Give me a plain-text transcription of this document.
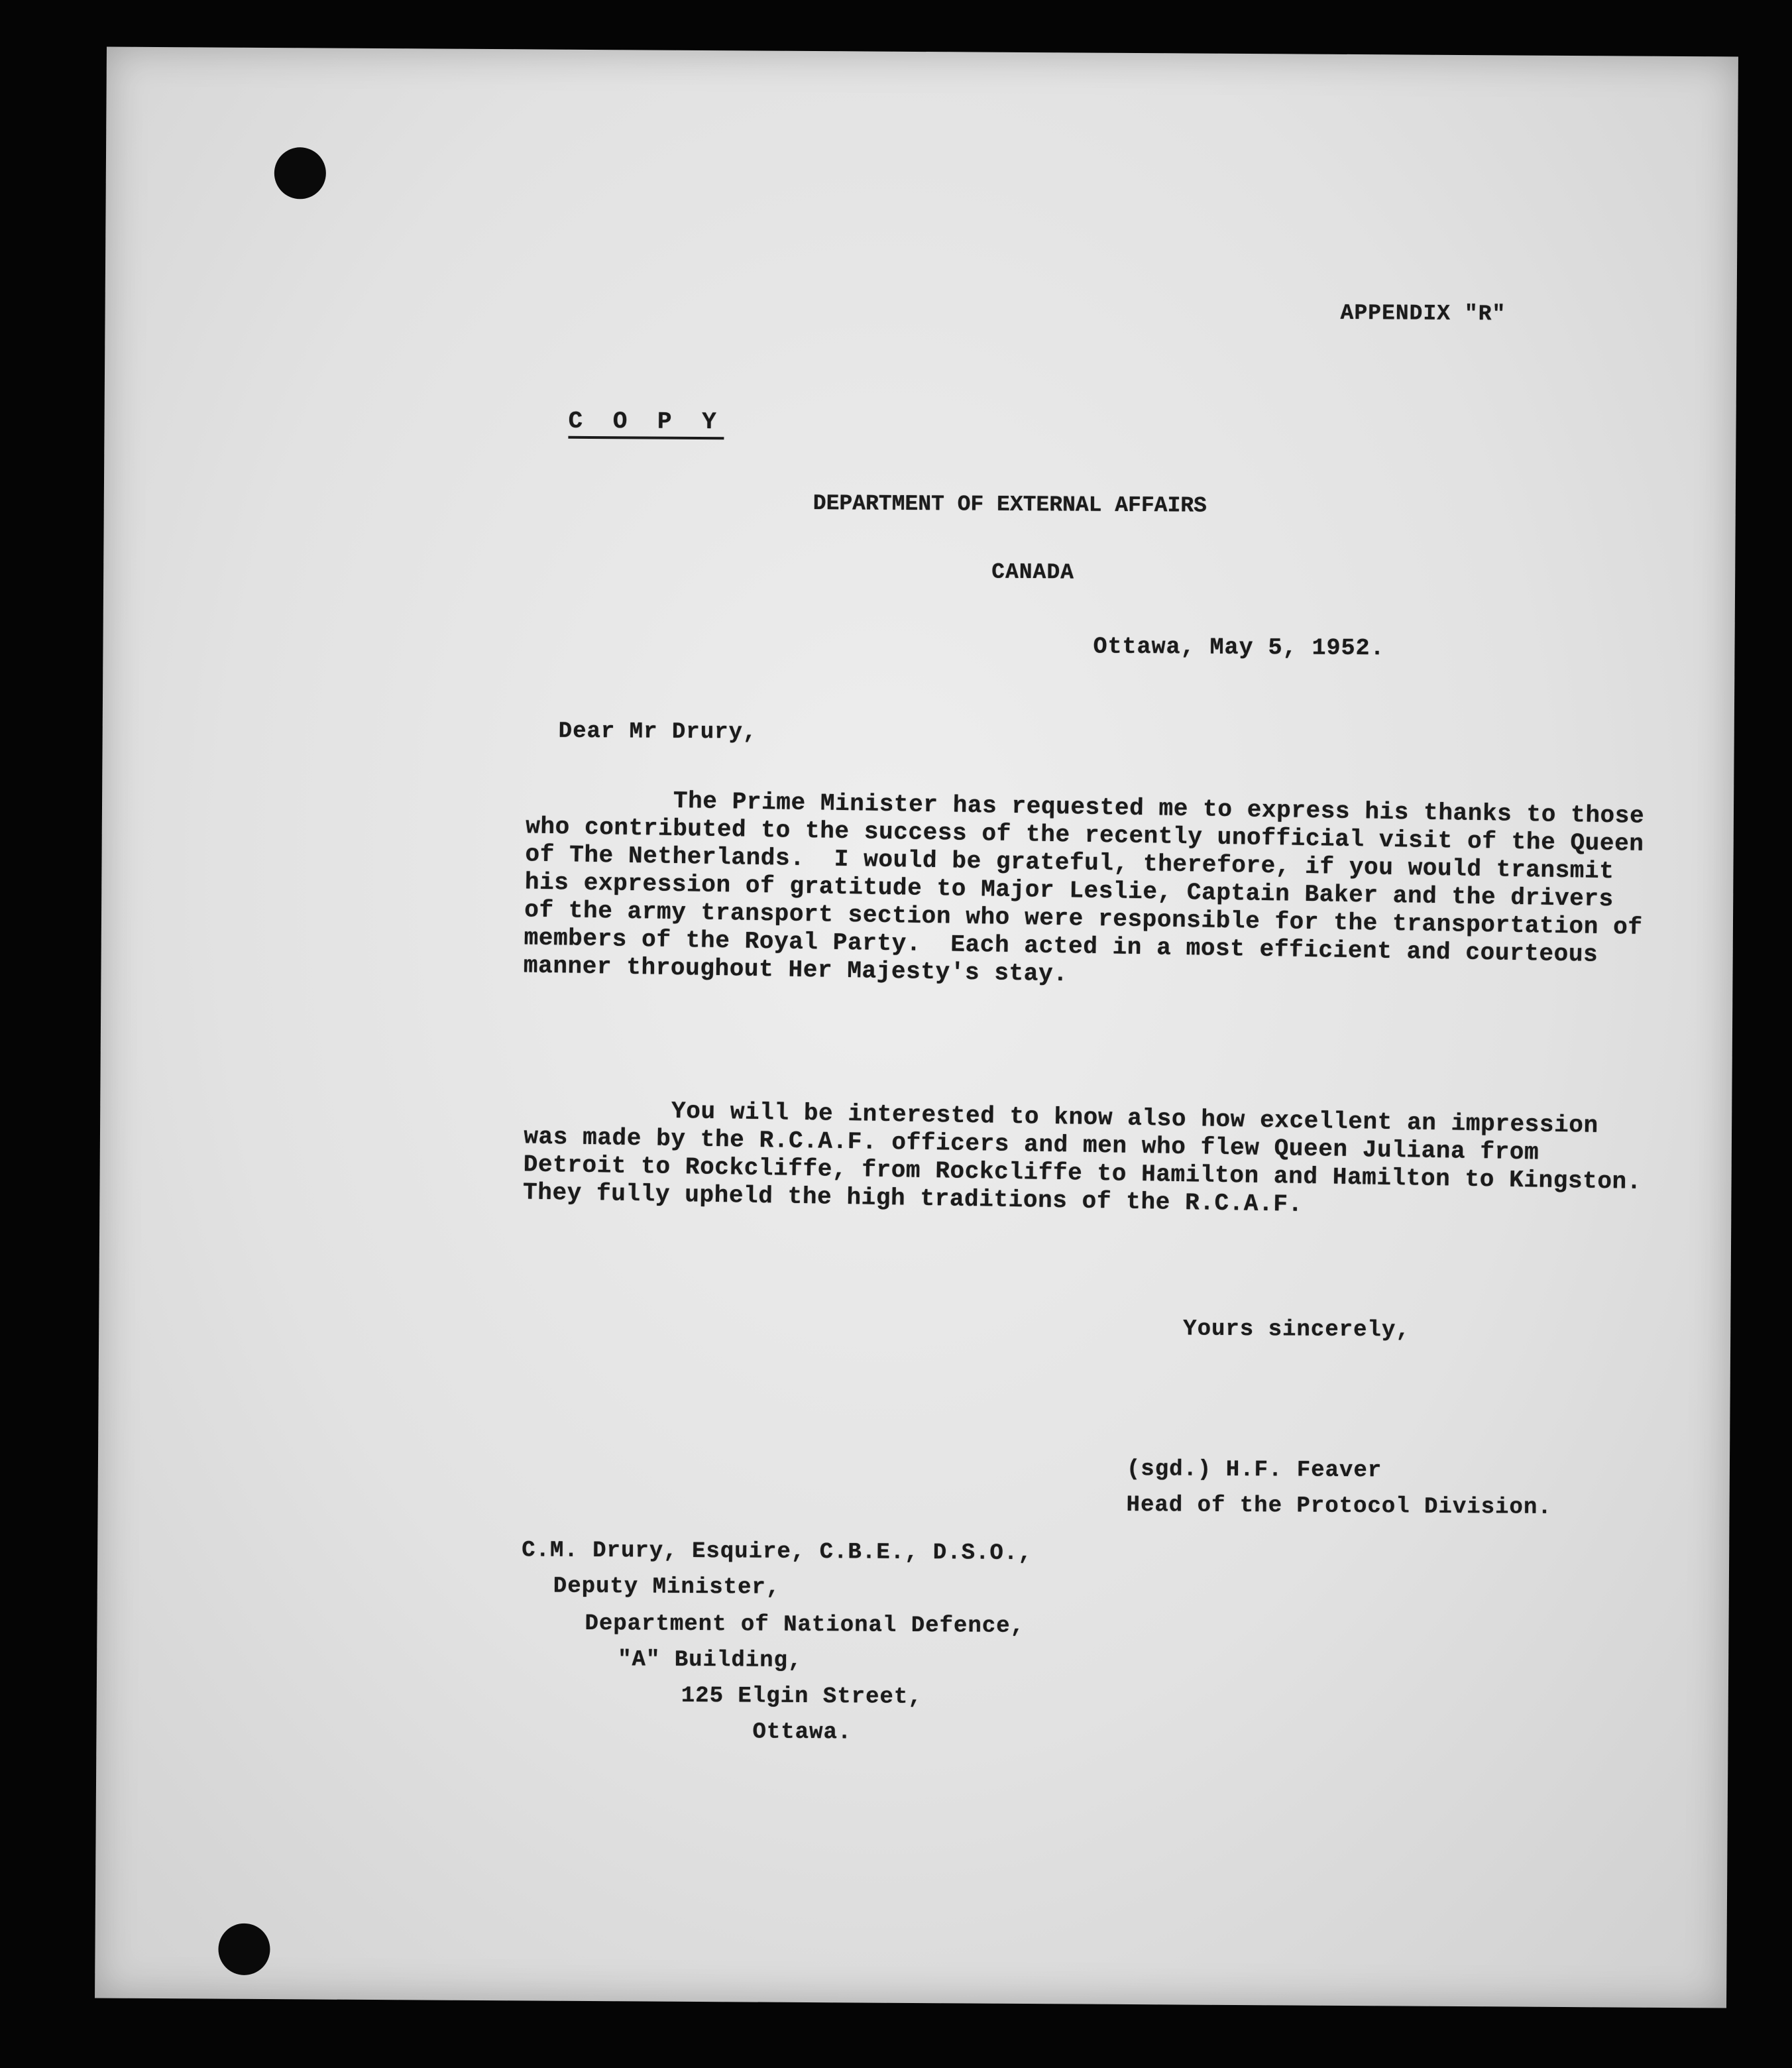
APPENDIX "R"
C O P Y
DEPARTMENT OF EXTERNAL AFFAIRS
CANADA
Ottawa, May 5, 1952.
Dear Mr Drury,
The Prime Minister has requested me to express his thanks to those who contributed to the success of the recently unofficial visit of the Queen of The Netherlands.  I would be grateful, therefore, if you would transmit his expression of gratitude to Major Leslie, Captain Baker and the drivers of the army transport section who were responsible for the transportation of members of the Royal Party.  Each acted in a most efficient and courteous manner throughout Her Majesty's stay.
You will be interested to know also how excellent an impression was made by the R.C.A.F. officers and men who flew Queen Juliana from Detroit to Rockcliffe, from Rockcliffe to Hamilton and Hamilton to Kingston.  They fully upheld the high traditions of the R.C.A.F.
Yours sincerely,
(sgd.) H.F. Feaver
Head of the Protocol Division.
C.M. Drury, Esquire, C.B.E., D.S.O.,
Deputy Minister,
Department of National Defence,
"A" Building,
125 Elgin Street,
Ottawa.
